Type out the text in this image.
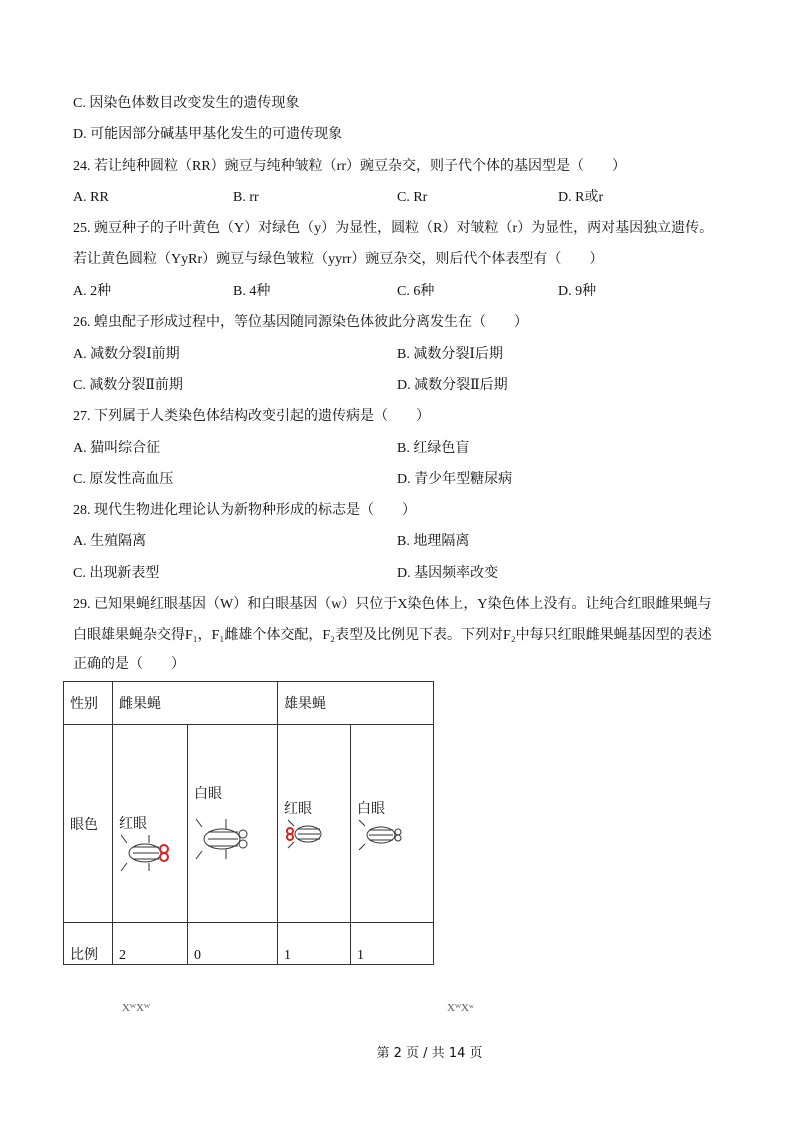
C. 因染色体数目改变发生的遗传现象
D. 可能因部分碱基甲基化发生的可遗传现象
24. 若让纯种圆粒（RR）豌豆与纯种皱粒（rr）豌豆杂交，则子代个体的基因型是（　　）
A. RR	B. rr	C. Rr	D. R或r
25. 豌豆种子的子叶黄色（Y）对绿色（y）为显性，圆粒（R）对皱粒（r）为显性，两对基因独立遗传。
若让黄色圆粒（YyRr）豌豆与绿色皱粒（yyrr）豌豆杂交，则后代个体表型有（　　）
A. 2种	B. 4种	C. 6种	D. 9种
26. 蝗虫配子形成过程中，等位基因随同源染色体彼此分离发生在（　　）
A. 减数分裂Ⅰ前期	B. 减数分裂Ⅰ后期
C. 减数分裂Ⅱ前期	D. 减数分裂Ⅱ后期
27. 下列属于人类染色体结构改变引起的遗传病是（　　）
A. 猫叫综合征	B. 红绿色盲
C. 原发性高血压	D. 青少年型糖尿病
28. 现代生物进化理论认为新物种形成的标志是（　　）
A. 生殖隔离	B. 地理隔离
C. 出现新表型	D. 基因频率改变
29. 已知果蝇红眼基因（W）和白眼基因（w）只位于X染色体上，Y染色体上没有。让纯合红眼雌果蝇与
白眼雄果蝇杂交得F₁，F₁雌雄个体交配，F₂表型及比例见下表。下列对F₂中每只红眼雌果蝇基因型的表述
正确的是（　　）
性别	雌果蝇		雄果蝇	
眼色	红眼	白眼	红眼	白眼

比例	2	0	1	1
XᵂXᵂ	XᵂXʷ
第 2 页 / 共 14 页
